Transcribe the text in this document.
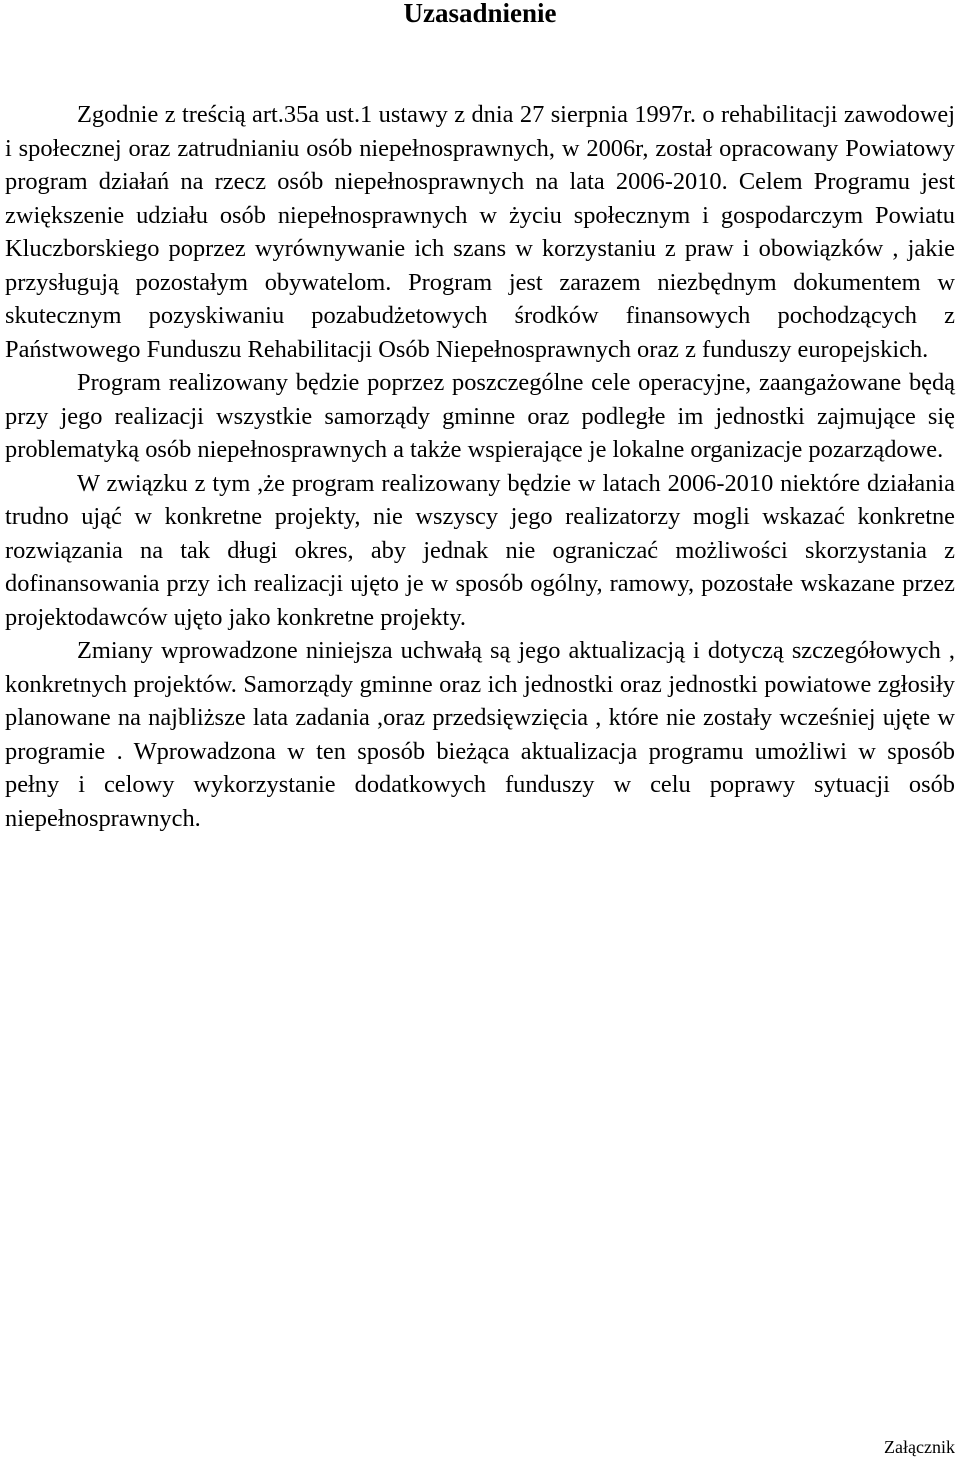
Uzasadnienie

Zgodnie z treścią art.35a ust.1 ustawy z dnia 27 sierpnia 1997r. o rehabilitacji zawodowej i społecznej oraz zatrudnianiu osób niepełnosprawnych, w 2006r, został opracowany Powiatowy program działań na rzecz osób niepełnosprawnych na lata 2006-2010. Celem Programu jest zwiększenie udziału osób niepełnosprawnych w życiu społecznym i gospodarczym Powiatu Kluczborskiego poprzez wyrównywanie ich szans w korzystaniu z praw i obowiązków , jakie przysługują pozostałym obywatelom. Program jest zarazem niezbędnym dokumentem w skutecznym pozyskiwaniu pozabudżetowych środków finansowych pochodzących z Państwowego Funduszu Rehabilitacji Osób Niepełnosprawnych oraz z funduszy europejskich.

Program realizowany będzie poprzez poszczególne cele operacyjne, zaangażowane będą przy jego realizacji wszystkie samorządy gminne oraz podległe im jednostki zajmujące się problematyką osób niepełnosprawnych a także wspierające je lokalne organizacje pozarządowe.

W związku z tym ,że program realizowany będzie w latach 2006-2010 niektóre działania trudno ująć w konkretne projekty, nie wszyscy jego realizatorzy mogli wskazać konkretne rozwiązania na tak długi okres, aby jednak nie ograniczać możliwości skorzystania z dofinansowania przy ich realizacji ujęto je w sposób ogólny, ramowy, pozostałe wskazane przez projektodawców ujęto jako konkretne projekty.

Zmiany wprowadzone niniejsza uchwałą są jego aktualizacją i dotyczą szczegółowych , konkretnych projektów. Samorządy gminne oraz ich jednostki oraz jednostki powiatowe zgłosiły planowane na najbliższe lata zadania ,oraz przedsięwzięcia , które nie zostały wcześniej ujęte w programie . Wprowadzona w ten sposób bieżąca aktualizacja programu umożliwi w sposób pełny i celowy wykorzystanie dodatkowych funduszy w celu poprawy sytuacji osób niepełnosprawnych.

Załącznik
